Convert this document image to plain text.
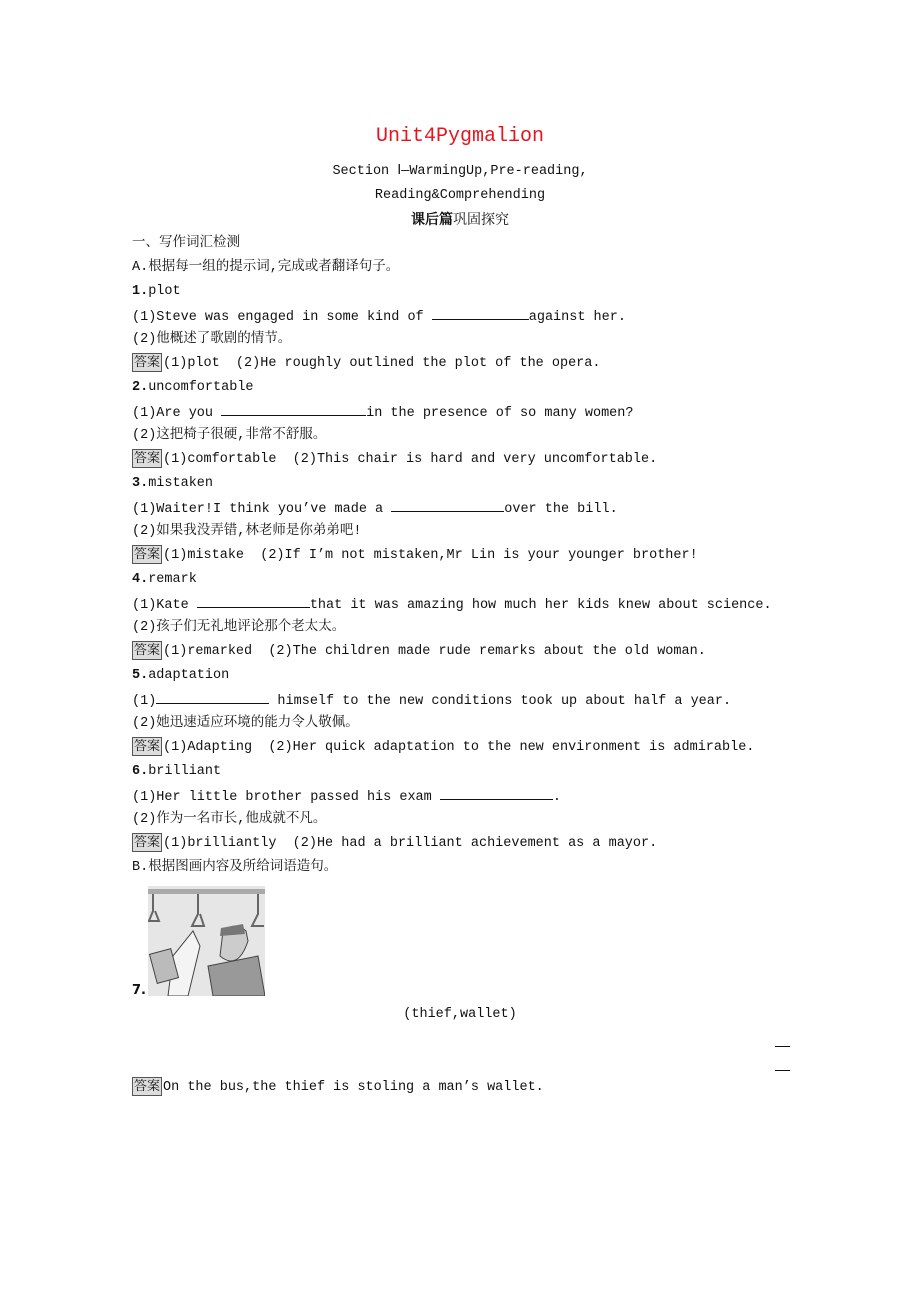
Unit4Pygmalion
Section Ⅰ—WarmingUp,Pre-reading,
Reading&Comprehending
课后篇巩固探究
一、写作词汇检测
A.根据每一组的提示词,完成或者翻译句子。
1.plot
(1)Steve was engaged in some kind of	against her.
(2)他概述了歌剧的情节。
答案 (1)plot  (2)He roughly outlined the plot of the opera.
2.uncomfortable
(1)Are you	in the presence of so many women?
(2)这把椅子很硬,非常不舒服。
答案 (1)comfortable  (2)This chair is hard and very uncomfortable.
3.mistaken
(1)Waiter!I think you’ve made a	over the bill.
(2)如果我没弄错,林老师是你弟弟吧!
答案 (1)mistake  (2)If I’m not mistaken,Mr Lin is your younger brother!
4.remark
(1)Kate	that it was amazing how much her kids knew about science.
(2)孩子们无礼地评论那个老太太。
答案 (1)remarked  (2)The children made rude remarks about the old woman.
5.adaptation
(1)	himself to the new conditions took up about half a year.
(2)她迅速适应环境的能力令人敬佩。
答案 (1)Adapting  (2)Her quick adaptation to the new environment is admirable.
6.brilliant
(1)Her little brother passed his exam	.
(2)作为一名市长,他成就不凡。
答案 (1)brilliantly  (2)He had a brilliant achievement as a mayor.
B.根据图画内容及所给词语造句。
7.
(thief,wallet)
答案 On the bus,the thief is stoling a man’s wallet.
